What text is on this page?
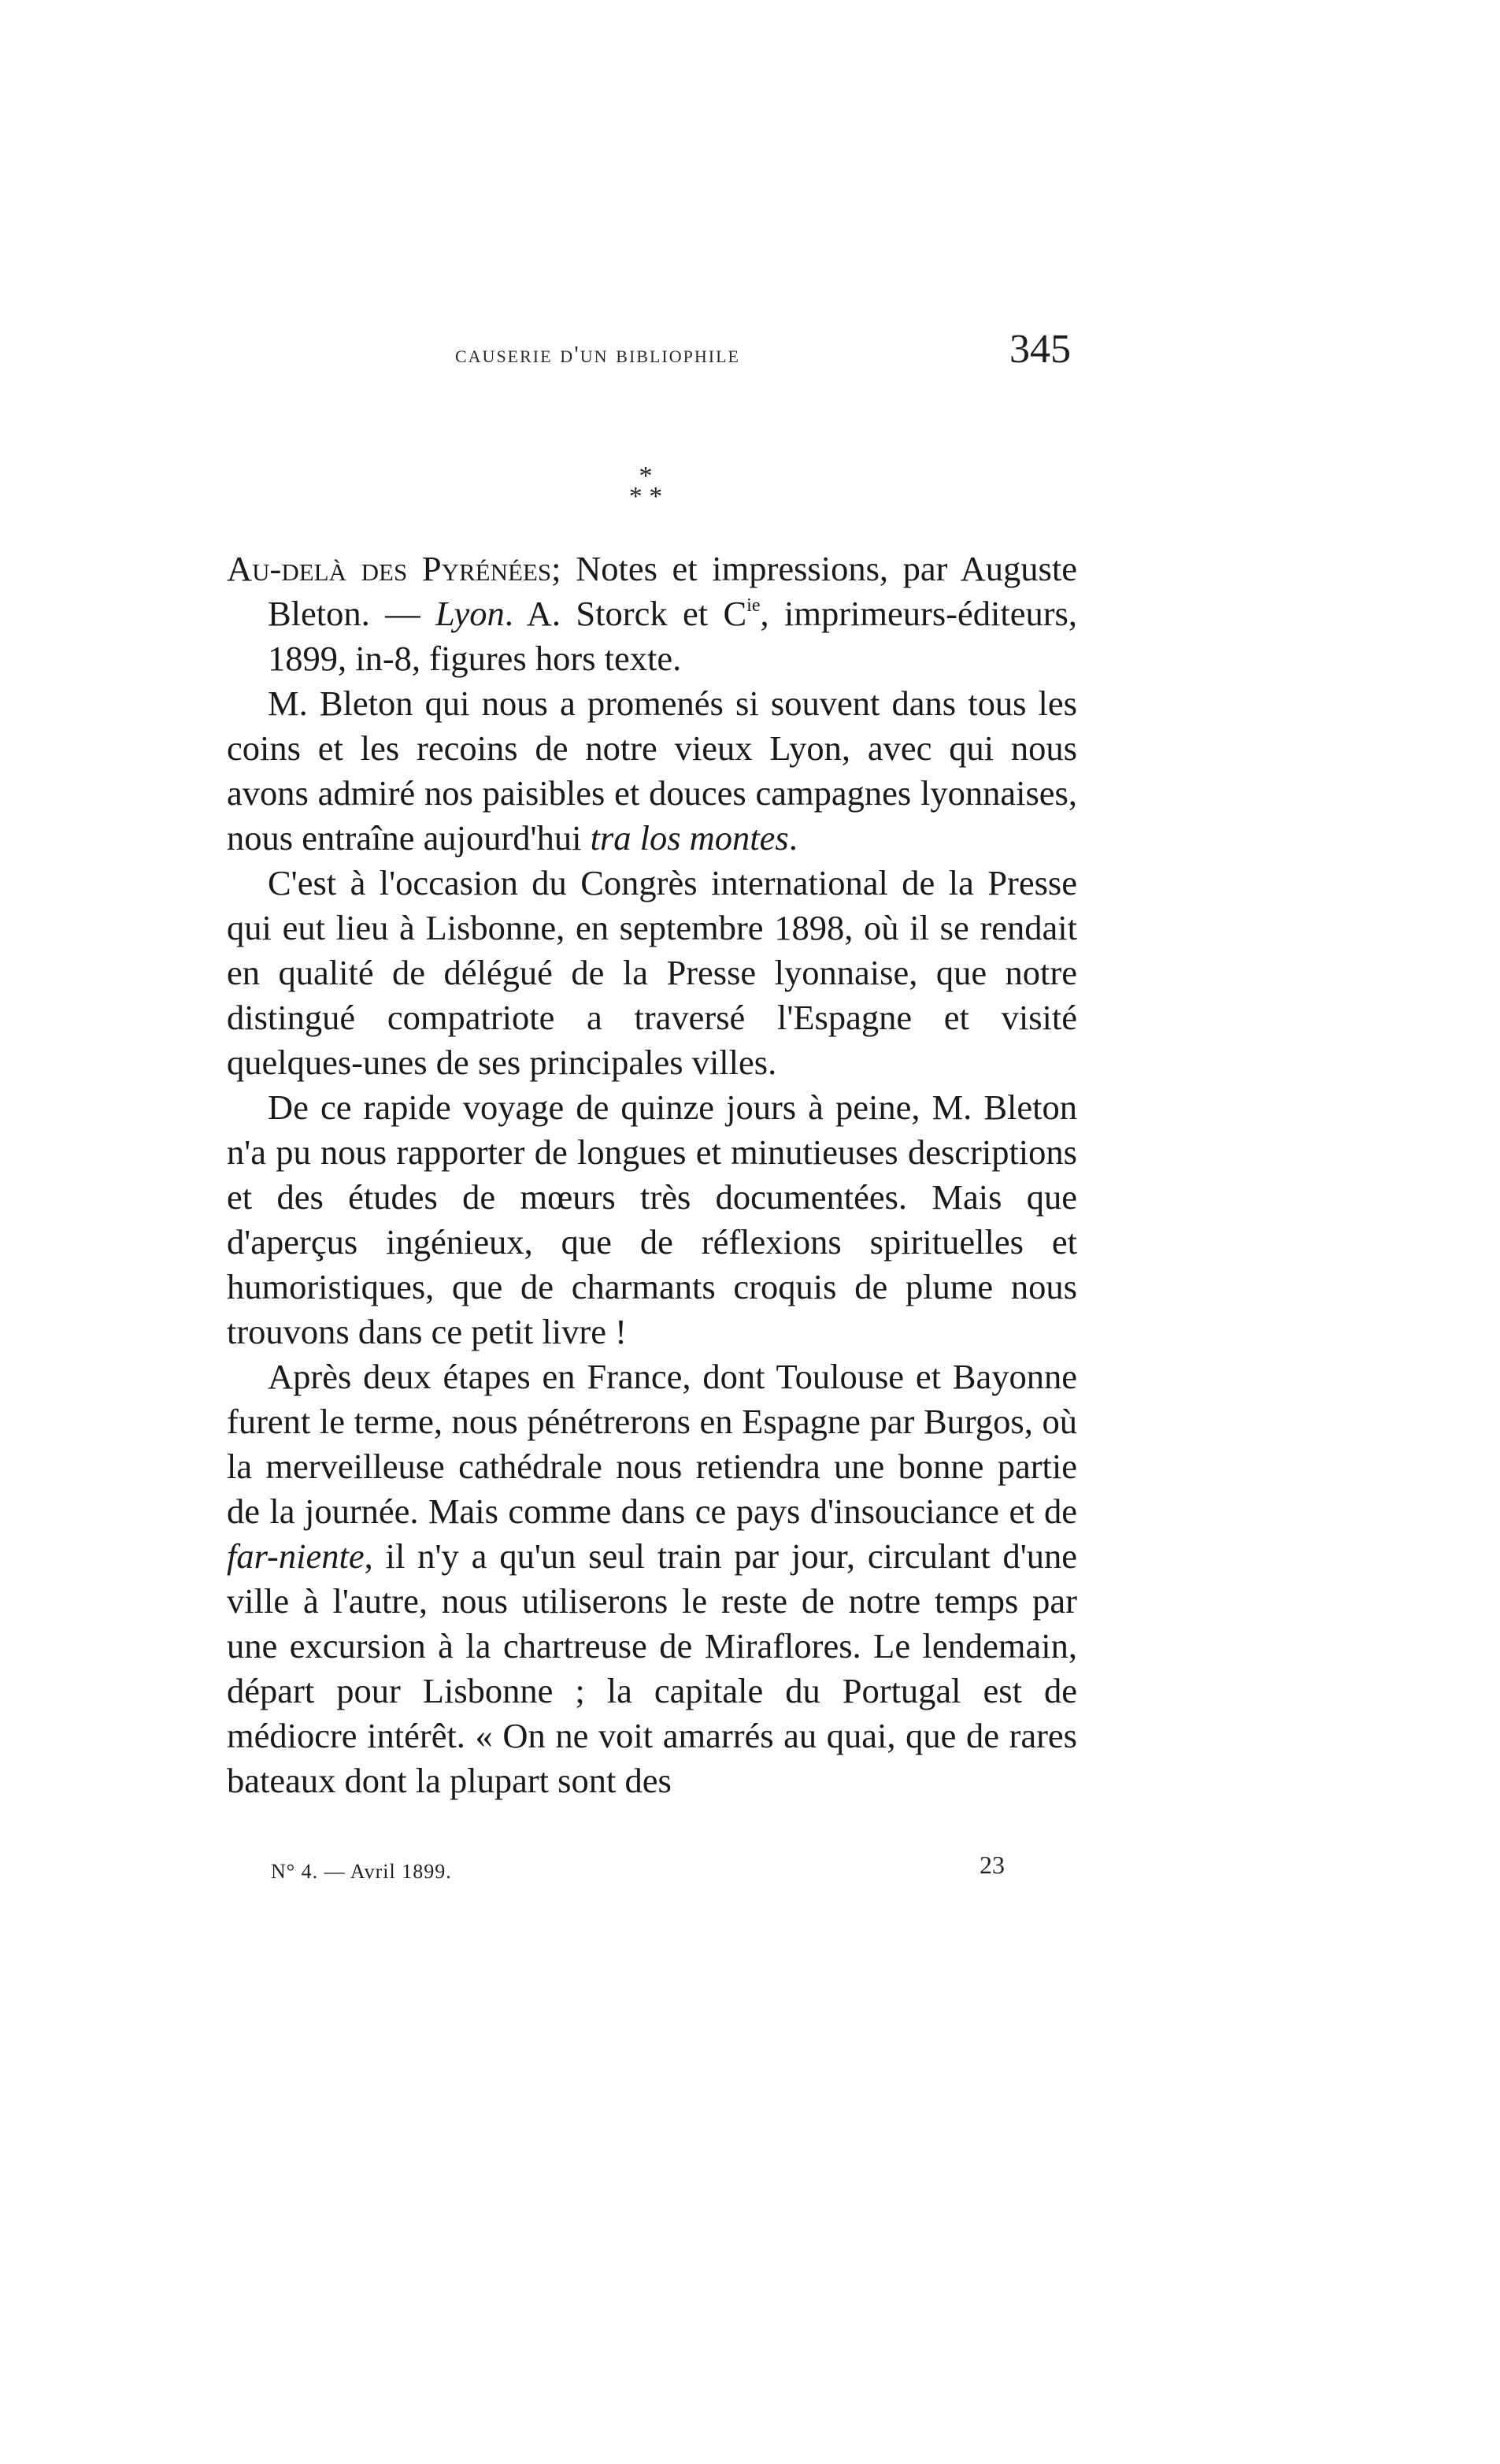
causerie d'un bibliophile	345
*
* *

Au-delà des Pyrénées; Notes et impressions, par Auguste Bleton. — Lyon. A. Storck et $C^{ie}$, imprimeurs-éditeurs, 1899, in-8, figures hors texte.

M. Bleton qui nous a promenés si souvent dans tous les coins et les recoins de notre vieux Lyon, avec qui nous avons admiré nos paisibles et douces campagnes lyonnaises, nous entraîne aujourd'hui tra los montes.

C'est à l'occasion du Congrès international de la Presse qui eut lieu à Lisbonne, en septembre 1898, où il se rendait en qualité de délégué de la Presse lyonnaise, que notre distingué compatriote a traversé l'Espagne et visité quelques-unes de ses principales villes.

De ce rapide voyage de quinze jours à peine, M. Bleton n'a pu nous rapporter de longues et minutieuses descriptions et des études de mœurs très documentées. Mais que d'aperçus ingénieux, que de réflexions spirituelles et humoristiques, que de charmants croquis de plume nous trouvons dans ce petit livre !

Après deux étapes en France, dont Toulouse et Bayonne furent le terme, nous pénétrerons en Espagne par Burgos, où la merveilleuse cathédrale nous retiendra une bonne partie de la journée. Mais comme dans ce pays d'insouciance et de far-niente, il n'y a qu'un seul train par jour, circulant d'une ville à l'autre, nous utiliserons le reste de notre temps par une excursion à la chartreuse de Miraflores. Le lendemain, départ pour Lisbonne ; la capitale du Portugal est de médiocre intérêt. « On ne voit amarrés au quai, que de rares bateaux dont la plupart sont des

N° 4. — Avril 1899.	23
